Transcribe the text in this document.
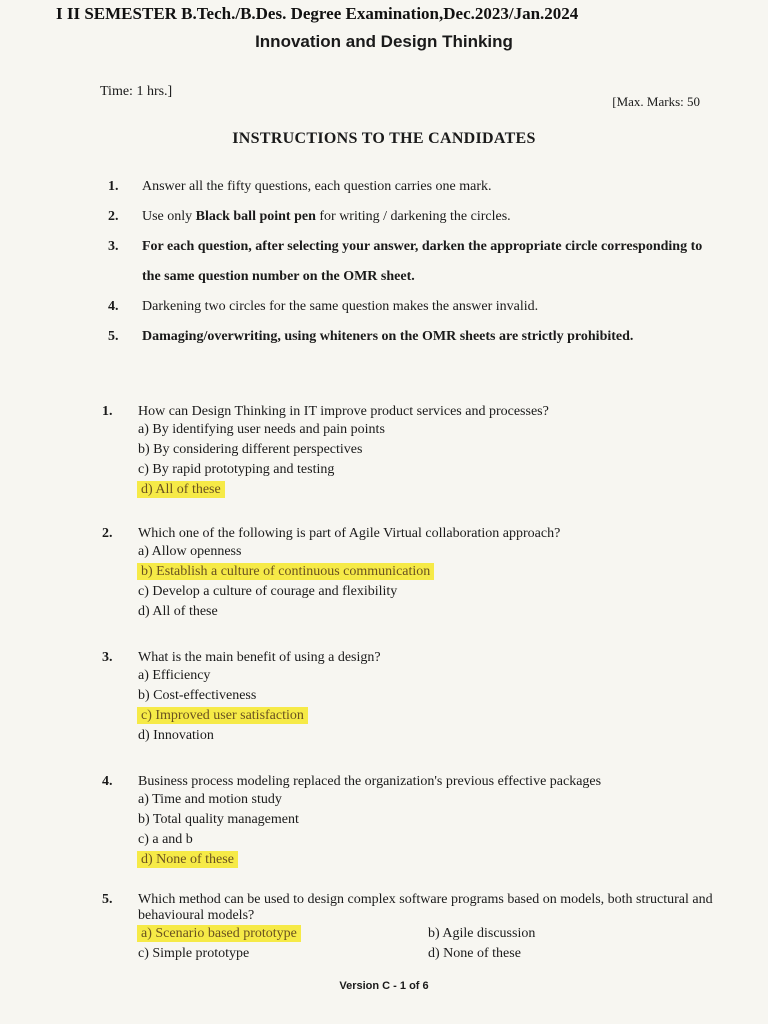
I II SEMESTER B.Tech./B.Des. Degree Examination,Dec.2023/Jan.2024
Innovation and Design Thinking
Time: 1 hrs.]
[Max. Marks: 50
INSTRUCTIONS TO THE CANDIDATES
1.	Answer all the fifty questions, each question carries one mark.
2.	Use only Black ball point pen for writing / darkening the circles.
3.	For each question, after selecting your answer, darken the appropriate circle corresponding to the same question number on the OMR sheet.
4.	Darkening two circles for the same question makes the answer invalid.
5.	Damaging/overwriting, using whiteners on the OMR sheets are strictly prohibited.
1.	How can Design Thinking in IT improve product services and processes?
a) By identifying user needs and pain points
b) By considering different perspectives
c) By rapid prototyping and testing
d) All of these
2.	Which one of the following is part of Agile Virtual collaboration approach?
a) Allow openness
b) Establish a culture of continuous communication
c) Develop a culture of courage and flexibility
d) All of these
3.	What is the main benefit of using a design?
a) Efficiency
b) Cost-effectiveness
c) Improved user satisfaction
d) Innovation
4.	Business process modeling replaced the organization's previous effective packages
a) Time and motion study
b) Total quality management
c) a and b
d) None of these
5.	Which method can be used to design complex software programs based on models, both structural and behavioural models?
a) Scenario based prototype	b) Agile discussion
c) Simple prototype	d) None of these
Version C - 1 of 6
